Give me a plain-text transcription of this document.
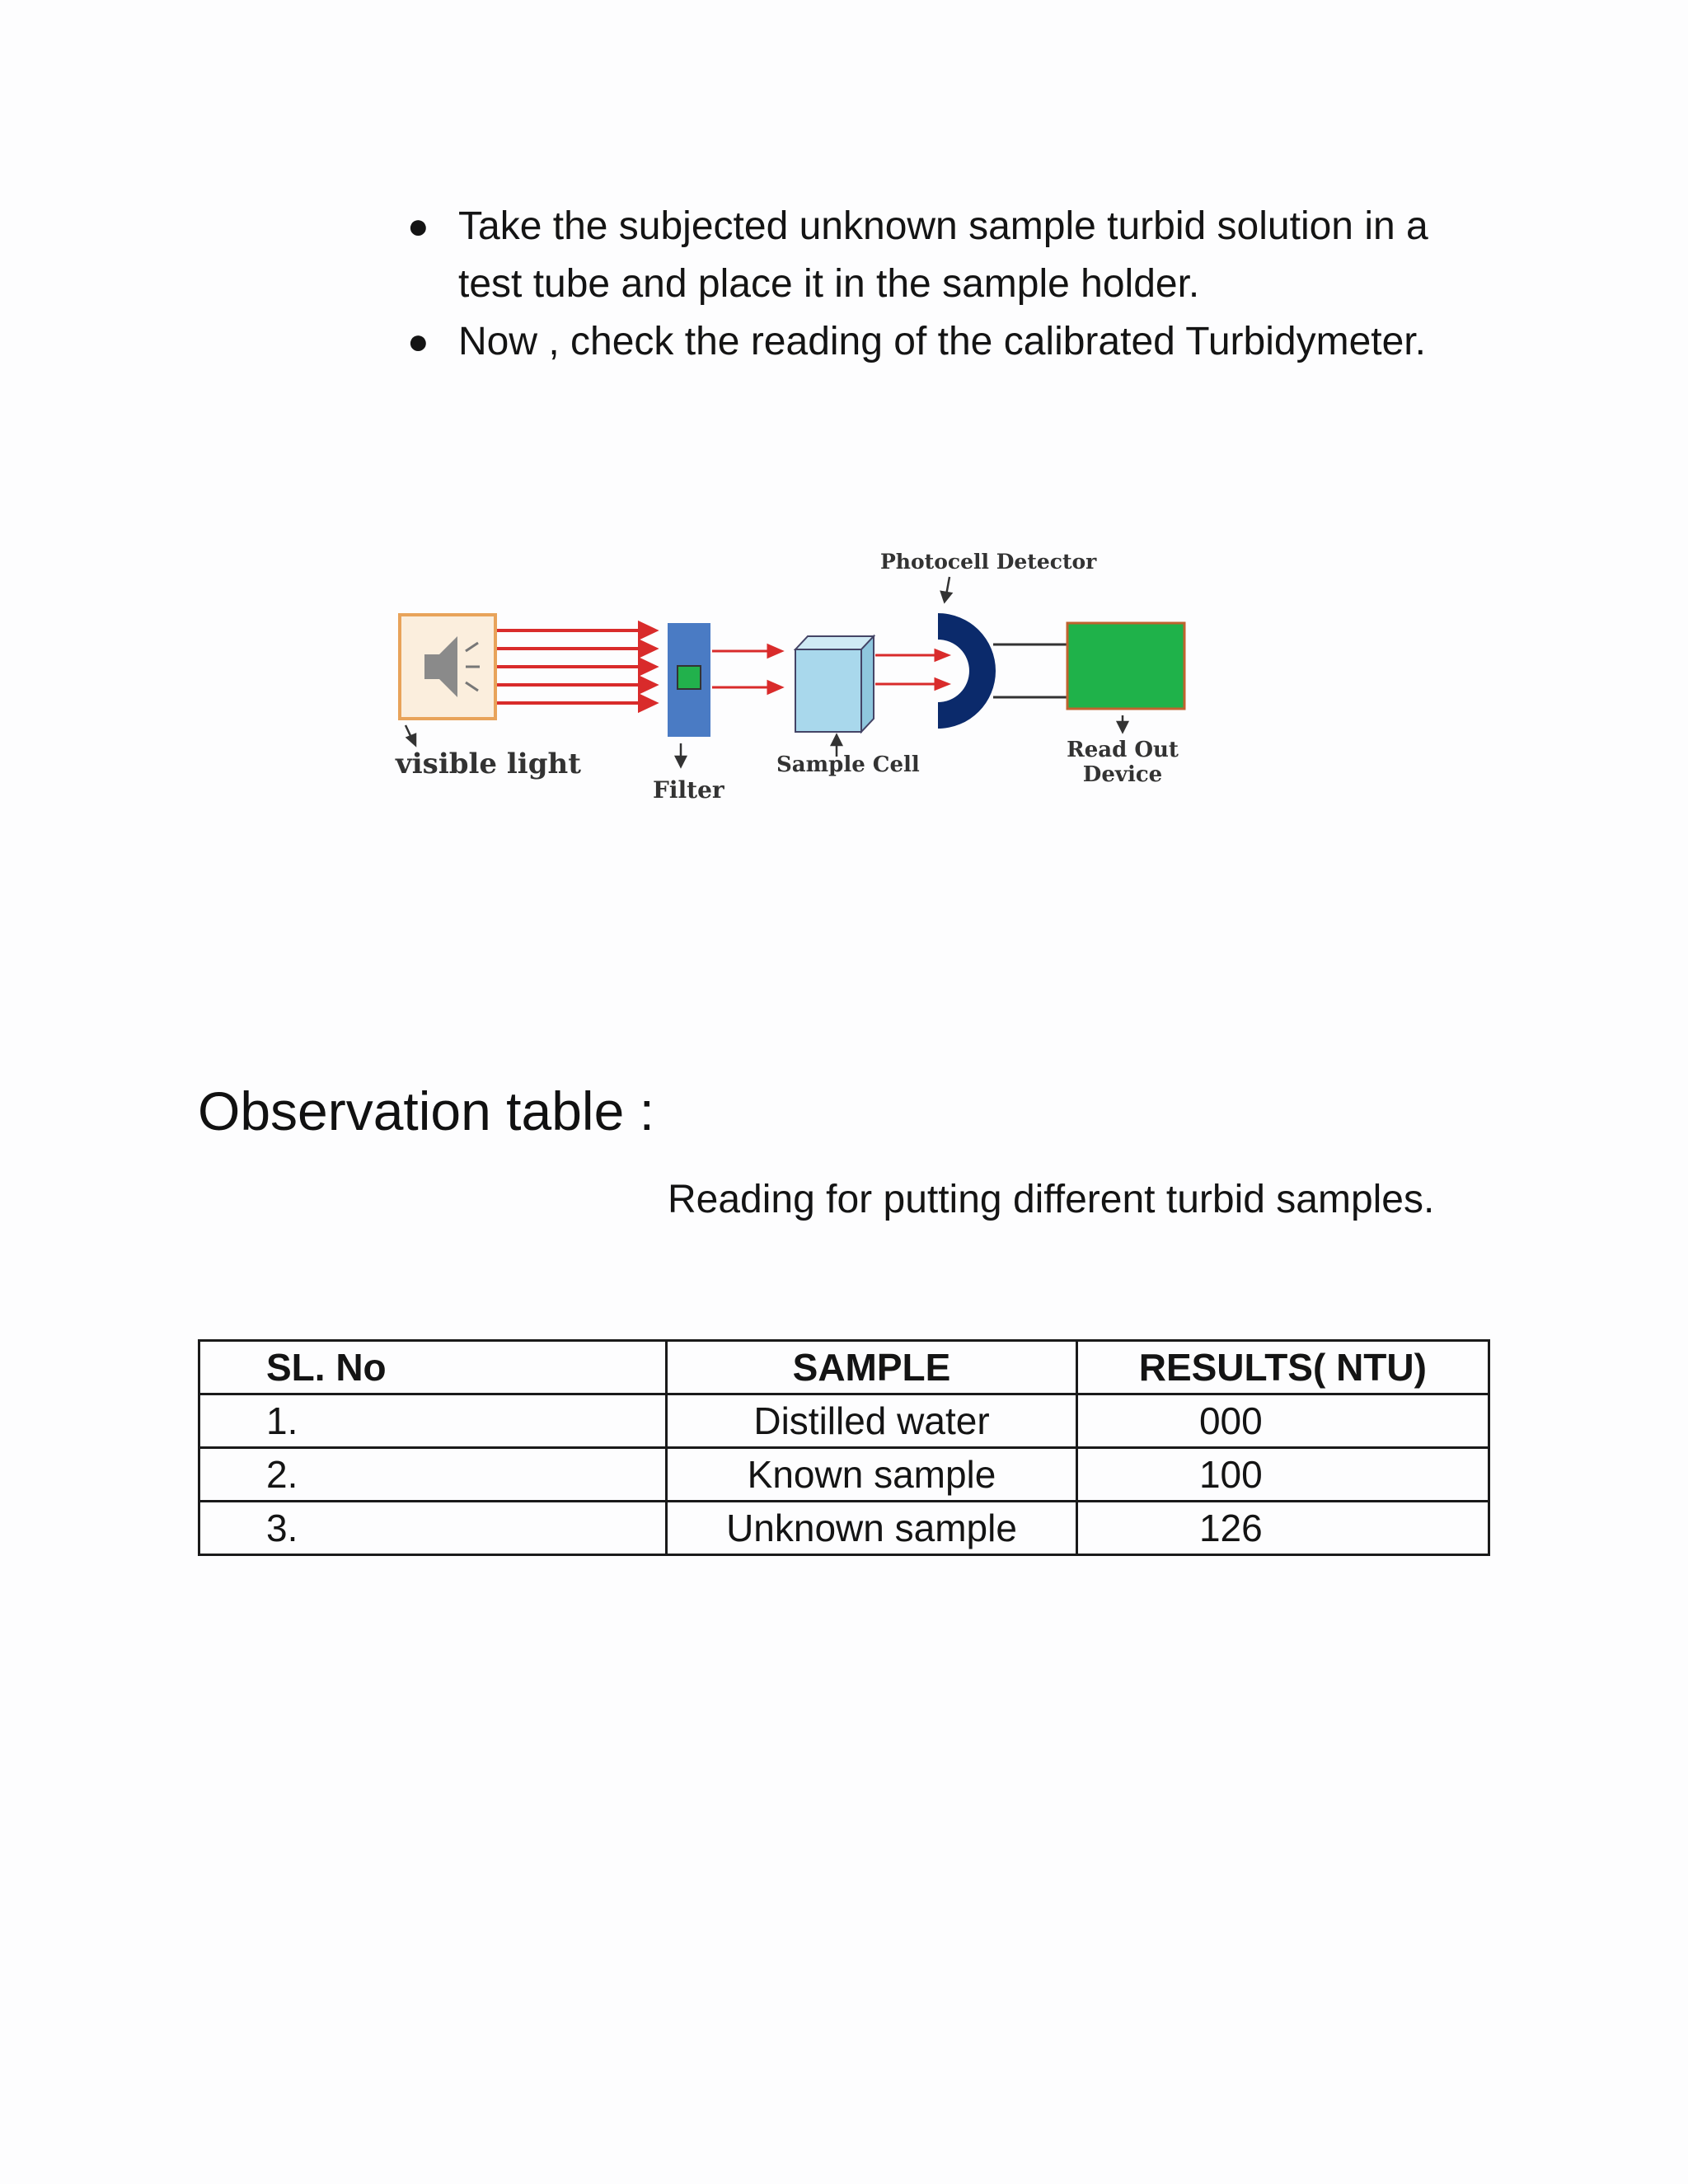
● Take the subjected unknown sample turbid solution in a test tube and place it in the sample holder.
● Now , check the reading of the calibrated Turbidymeter.
Photocell Detector
visible light
Filter
Sample Cell
Read Out
Device
Observation table :
Reading for putting different turbid samples.
SL. No	SAMPLE	RESULTS( NTU)
1.	Distilled water	000
2.	Known sample	100
3.	Unknown sample	126
